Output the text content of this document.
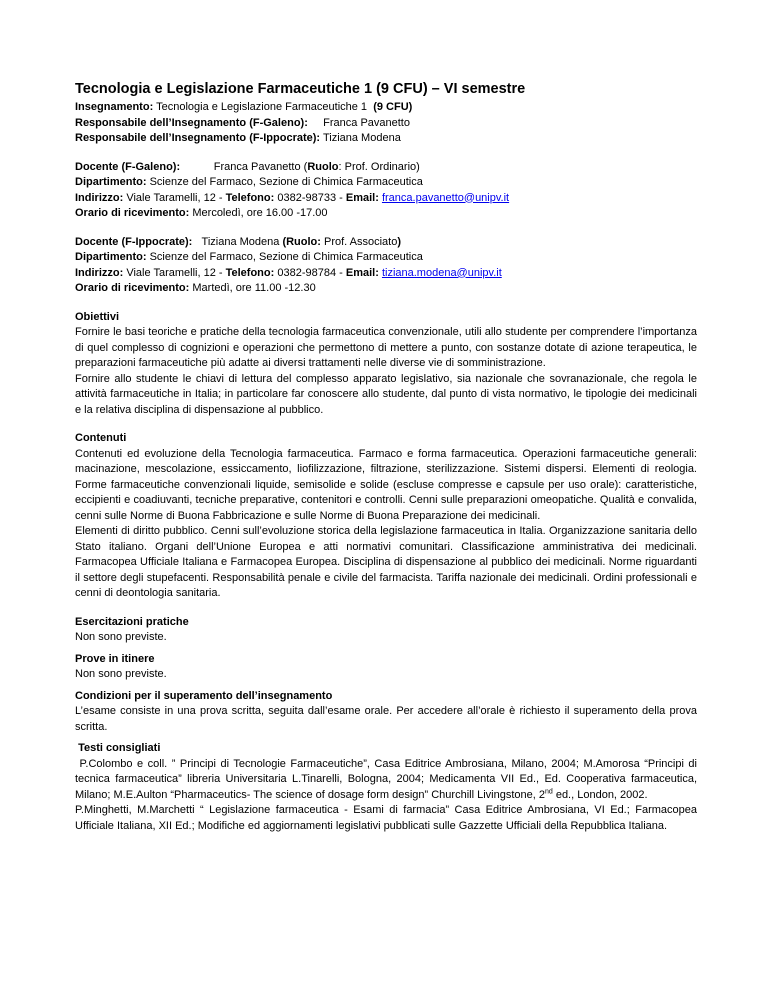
Tecnologia e Legislazione Farmaceutiche 1 (9 CFU) – VI semestre
Insegnamento: Tecnologia e Legislazione Farmaceutiche 1 (9 CFU)
Responsabile dell’Insegnamento (F-Galeno): Franca Pavanetto
Responsabile dell’Insegnamento (F-Ippocrate): Tiziana Modena
Docente (F-Galeno):	Franca Pavanetto (Ruolo: Prof. Ordinario)
Dipartimento: Scienze del Farmaco, Sezione di Chimica Farmaceutica
Indirizzo: Viale Taramelli, 12 - Telefono: 0382-98733 - Email: franca.pavanetto@unipv.it
Orario di ricevimento: Mercoledì, ore 16.00 -17.00
Docente (F-Ippocrate): Tiziana Modena (Ruolo: Prof. Associato)
Dipartimento: Scienze del Farmaco, Sezione di Chimica Farmaceutica
Indirizzo: Viale Taramelli, 12 - Telefono: 0382-98784 - Email: tiziana.modena@unipv.it
Orario di ricevimento: Martedì, ore 11.00 -12.30
Obiettivi
Fornire le basi teoriche e pratiche della tecnologia farmaceutica convenzionale, utili allo studente per comprendere l’importanza di quel complesso di cognizioni e operazioni che permettono di mettere a punto, con sostanze dotate di azione terapeutica, le preparazioni farmaceutiche più adatte ai diversi trattamenti nelle diverse vie di somministrazione.
Fornire allo studente le chiavi di lettura del complesso apparato legislativo, sia nazionale che sovranazionale, che regola le attività farmaceutiche in Italia; in particolare far conoscere allo studente, dal punto di vista normativo, le tipologie dei medicinali e la relativa disciplina di dispensazione al pubblico.
Contenuti
Contenuti ed evoluzione della Tecnologia farmaceutica. Farmaco e forma farmaceutica. Operazioni farmaceutiche generali: macinazione, mescolazione, essiccamento, liofilizzazione, filtrazione, sterilizzazione. Sistemi dispersi. Elementi di reologia. Forme farmaceutiche convenzionali liquide, semisolide e solide (escluse compresse e capsule per uso orale): caratteristiche, eccipienti e coadiuvanti, tecniche preparative, contenitori e controlli. Cenni sulle preparazioni omeopatiche. Qualità e convalida, cenni sulle Norme di Buona Fabbricazione e sulle Norme di Buona Preparazione dei medicinali.
Elementi di diritto pubblico. Cenni sull’evoluzione storica della legislazione farmaceutica in Italia. Organizzazione sanitaria dello Stato italiano. Organi dell’Unione Europea e atti normativi comunitari. Classificazione amministrativa dei medicinali. Farmacopea Ufficiale Italiana e Farmacopea Europea. Disciplina di dispensazione al pubblico dei medicinali. Norme riguardanti il settore degli stupefacenti. Responsabilità penale e civile del farmacista. Tariffa nazionale dei medicinali. Ordini professionali e cenni di deontologia sanitaria.
Esercitazioni pratiche
Non sono previste.
Prove in itinere
Non sono previste.
Condizioni per il superamento dell’insegnamento
L’esame consiste in una prova scritta, seguita dall’esame orale. Per accedere all’orale è richiesto il superamento della prova scritta.
Testi consigliati
P.Colombo e coll. ” Principi di Tecnologie Farmaceutiche”, Casa Editrice Ambrosiana, Milano, 2004; M.Amorosa “Principi di tecnica farmaceutica” libreria Universitaria L.Tinarelli, Bologna, 2004; Medicamenta VII Ed., Ed. Cooperativa farmaceutica, Milano; M.E.Aulton “Pharmaceutics- The science of dosage form design” Churchill Livingstone, 2nd ed., London, 2002.
P.Minghetti, M.Marchetti “ Legislazione farmaceutica - Esami di farmacia” Casa Editrice Ambrosiana, VI Ed.; Farmacopea Ufficiale Italiana, XII Ed.; Modifiche ed aggiornamenti legislativi pubblicati sulle Gazzette Ufficiali della Repubblica Italiana.
